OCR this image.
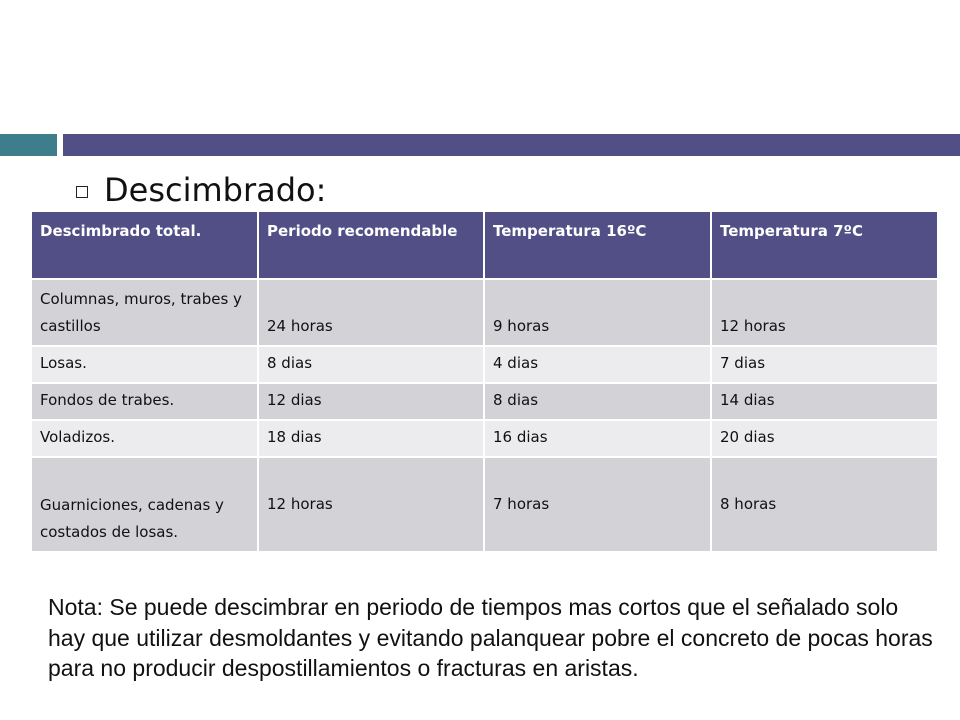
Descimbrado:
Descimbrado total.	Periodo recomendable	Temperatura 16ºC	Temperatura 7ºC
Columnas, muros, trabes y castillos	24 horas	9 horas	12 horas
Losas.	8 dias	4 dias	7 dias
Fondos de trabes.	12 dias	8 dias	14 dias
Voladizos.	18 dias	16 dias	20 dias
Guarniciones, cadenas y costados de losas.	12 horas	7 horas	8 horas
Nota: Se puede descimbrar en periodo de tiempos mas cortos que el señalado solo hay que utilizar desmoldantes y evitando palanquear pobre el concreto de pocas horas para no producir despostillamientos o fracturas en aristas.
